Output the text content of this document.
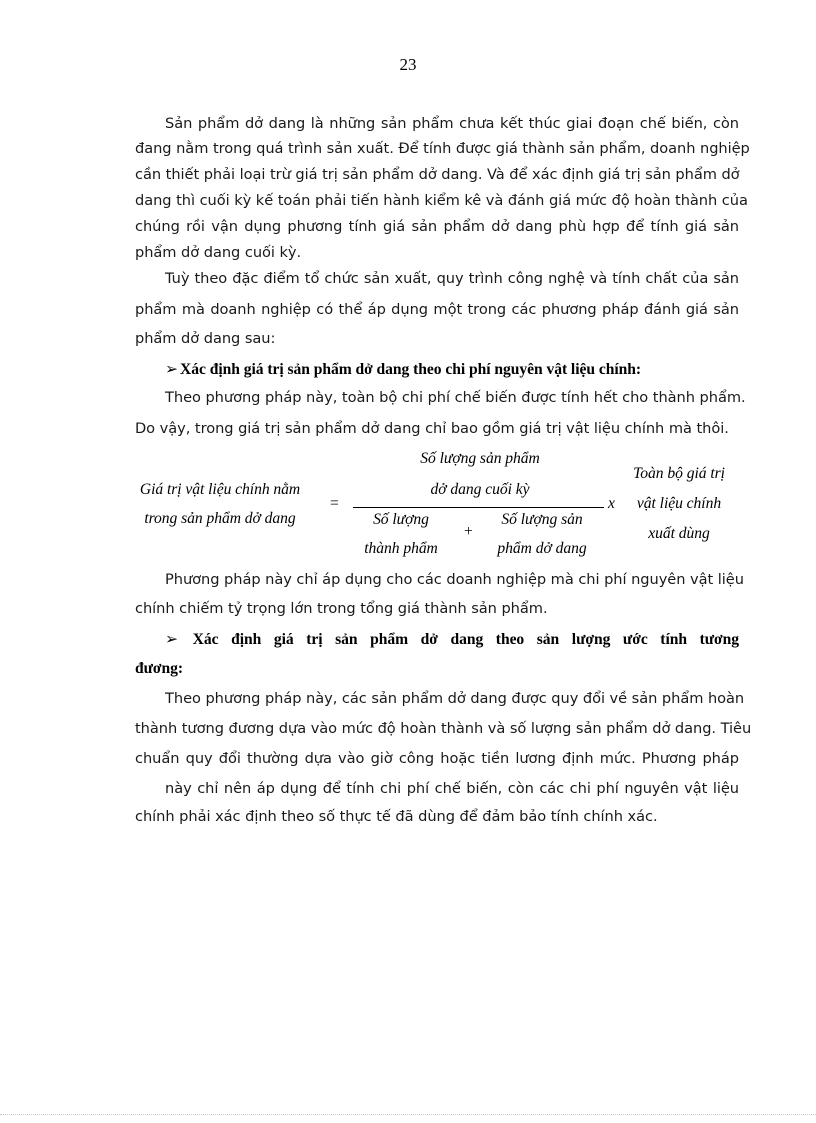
23
Sản phẩm dở dang là những sản phẩm chưa kết thúc giai đoạn chế biến, còn
đang nằm trong quá trình sản xuất. Để tính được giá thành sản phẩm, doanh nghiệp
cần thiết phải loại trừ giá trị sản phẩm dở dang. Và để xác định giá trị sản phẩm dở
dang thì cuối kỳ kế toán phải tiến hành kiểm kê và đánh giá mức độ hoàn thành của
chúng rồi vận dụng phương tính giá sản phẩm dở dang phù hợp để tính giá sản
phẩm dở dang cuối kỳ.
Tuỳ theo đặc điểm tổ chức sản xuất, quy trình công nghệ và tính chất của sản
phẩm mà doanh nghiệp có thể áp dụng một trong các phương pháp đánh giá sản
phẩm dở dang sau:
➢ Xác định giá trị sản phẩm dở dang theo chi phí nguyên vật liệu chính:
Theo phương pháp này, toàn bộ chi phí chế biến được tính hết cho thành phẩm.
Do vậy, trong giá trị sản phẩm dở dang chỉ bao gồm giá trị vật liệu chính mà thôi.
Giá trị vật liệu chính nằm
trong sản phẩm dở dang
=
Số lượng sản phẩm
dở dang cuối kỳ
Số lượng
thành phẩm
+
Số lượng sản
phẩm dở dang
x
Toàn bộ giá trị
vật liệu chính
xuất dùng
Phương pháp này chỉ áp dụng cho các doanh nghiệp mà chi phí nguyên vật liệu
chính chiếm tỷ trọng lớn trong tổng giá thành sản phẩm.
➢ Xác định giá trị sản phẩm dở dang theo sản lượng ước tính tương
đương:
Theo phương pháp này, các sản phẩm dở dang được quy đổi về sản phẩm hoàn
thành tương đương dựa vào mức độ hoàn thành và số lượng sản phẩm dở dang. Tiêu
chuẩn quy đổi thường dựa vào giờ công hoặc tiền lương định mức. Phương pháp
này chỉ nên áp dụng để tính chi phí chế biến, còn các chi phí nguyên vật liệu
chính phải xác định theo số thực tế đã dùng để đảm bảo tính chính xác.
